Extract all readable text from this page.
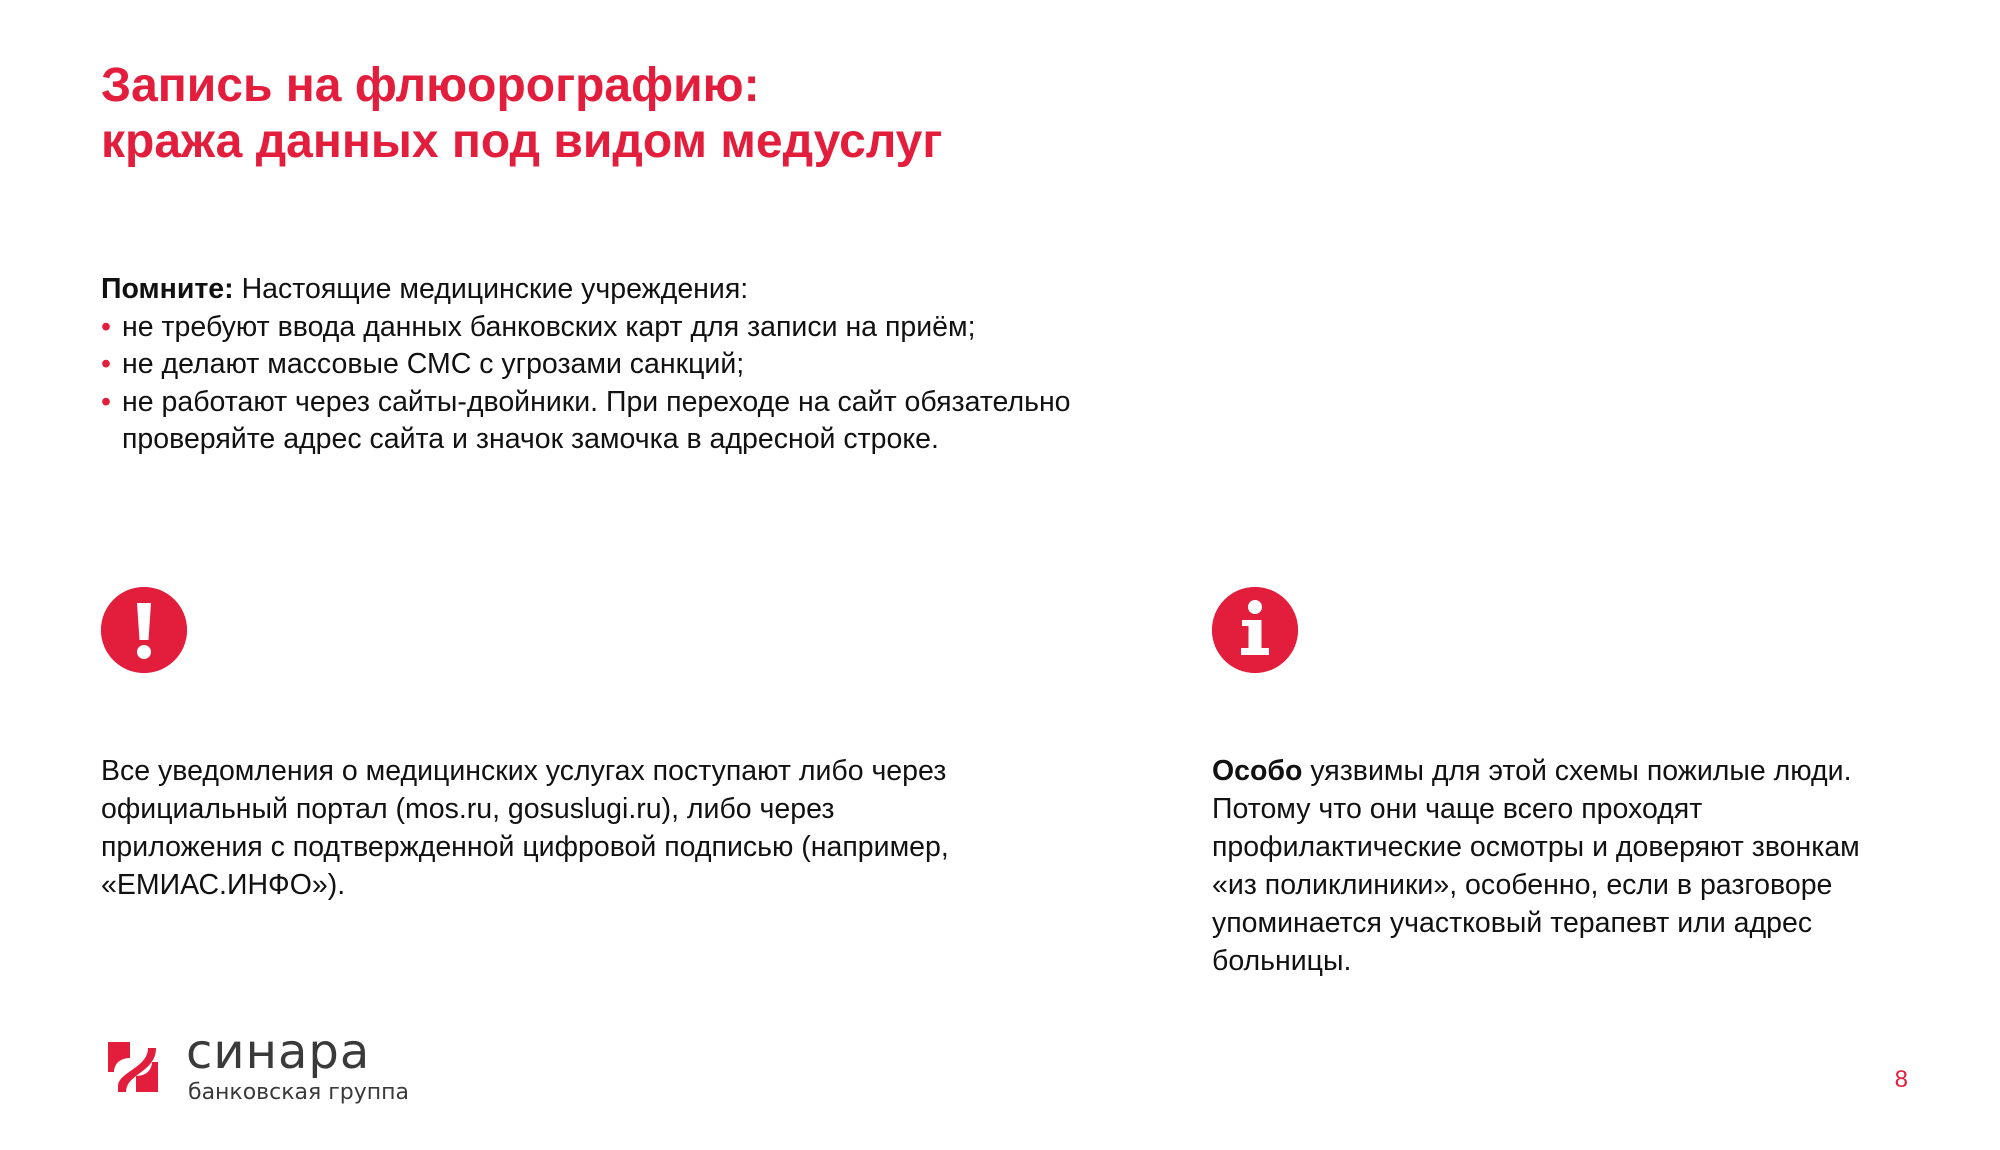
Запись на флюорографию:
кража данных под видом медуслуг
Помните: Настоящие медицинские учреждения:
• не требуют ввода данных банковских карт для записи на приём;
• не делают массовые СМС с угрозами санкций;
• не работают через сайты-двойники. При переходе на сайт обязательно проверяйте адрес сайта и значок замочка в адресной строке.

Все уведомления о медицинских услугах поступают либо через официальный портал (mos.ru, gosuslugi.ru), либо через приложения с подтвержденной цифровой подписью (например, «ЕМИАС.ИНФО»).

Особо уязвимы для этой схемы пожилые люди. Потому что они чаще всего проходят профилактические осмотры и доверяют звонкам «из поликлиники», особенно, если в разговоре упоминается участковый терапевт или адрес больницы.

синара
банковская группа	8
